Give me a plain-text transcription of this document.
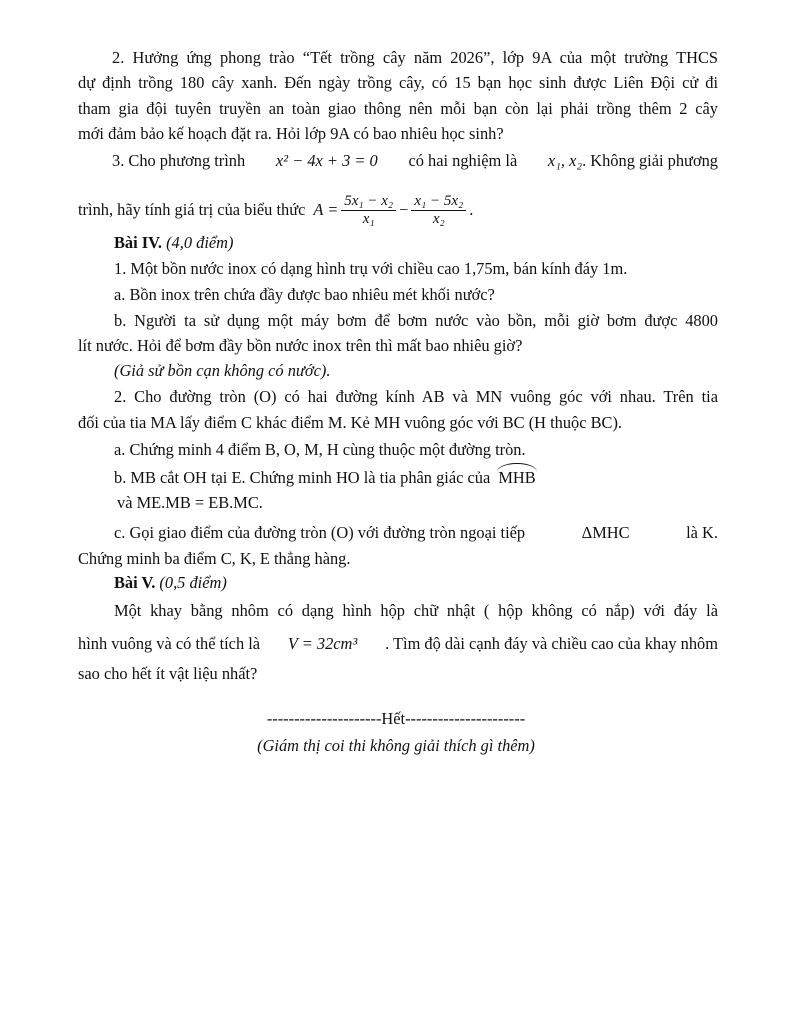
2. Hưởng ứng phong trào “Tết trồng cây năm 2026”, lớp 9A của một trường THCS
dự định trồng 180 cây xanh. Đến ngày trồng cây, có 15 bạn học sinh được Liên Đội cử đi
tham gia đội tuyên truyền an toàn giao thông nên mỗi bạn còn lại phải trồng thêm 2 cây
mới đảm bảo kế hoạch đặt ra. Hỏi lớp 9A có bao nhiêu học sinh?
3. Cho phương trình x² − 4x + 3 = 0 có hai nghiệm là x₁, x₂. Không giải phương
trình, hãy tính giá trị của biểu thức $A = \frac{\text{5x₁ − x₂}}{\text{x₁}} - \frac{\text{x₁ − 5x₂}}{\text{x₂}}$ .
Bài IV. (4,0 điểm)
1. Một bồn nước inox có dạng hình trụ với chiều cao 1,75m, bán kính đáy 1m.
a. Bồn inox trên chứa đầy được bao nhiêu mét khối nước?
b. Người ta sử dụng một máy bơm để bơm nước vào bồn, mỗi giờ bơm được 4800
lít nước. Hỏi để bơm đầy bồn nước inox trên thì mất bao nhiêu giờ?
(Giả sử bồn cạn không có nước).
2. Cho đường tròn (O) có hai đường kính AB và MN vuông góc với nhau. Trên tia
đối của tia MA lấy điểm C khác điểm M. Kẻ MH vuông góc với BC (H thuộc BC).
a. Chứng minh 4 điểm B, O, M, H cùng thuộc một đường tròn.
b. MB cắt OH tại E. Chứng minh HO là tia phân giác của MHB
và ME.MB = EB.MC.
c. Gọi giao điểm của đường tròn (O) với đường tròn ngoại tiếp	ΔMHC	là K.
Chứng minh ba điểm C, K, E thẳng hàng.
Bài V. (0,5 điểm)
Một khay bằng nhôm có dạng hình hộp chữ nhật ( hộp không có nắp) với đáy là
hình vuông và có thể tích là V = 32cm³ . Tìm độ dài cạnh đáy và chiều cao của khay nhôm
sao cho hết ít vật liệu nhất?
---------------------Hết----------------------
(Giám thị coi thi không giải thích gì thêm)
